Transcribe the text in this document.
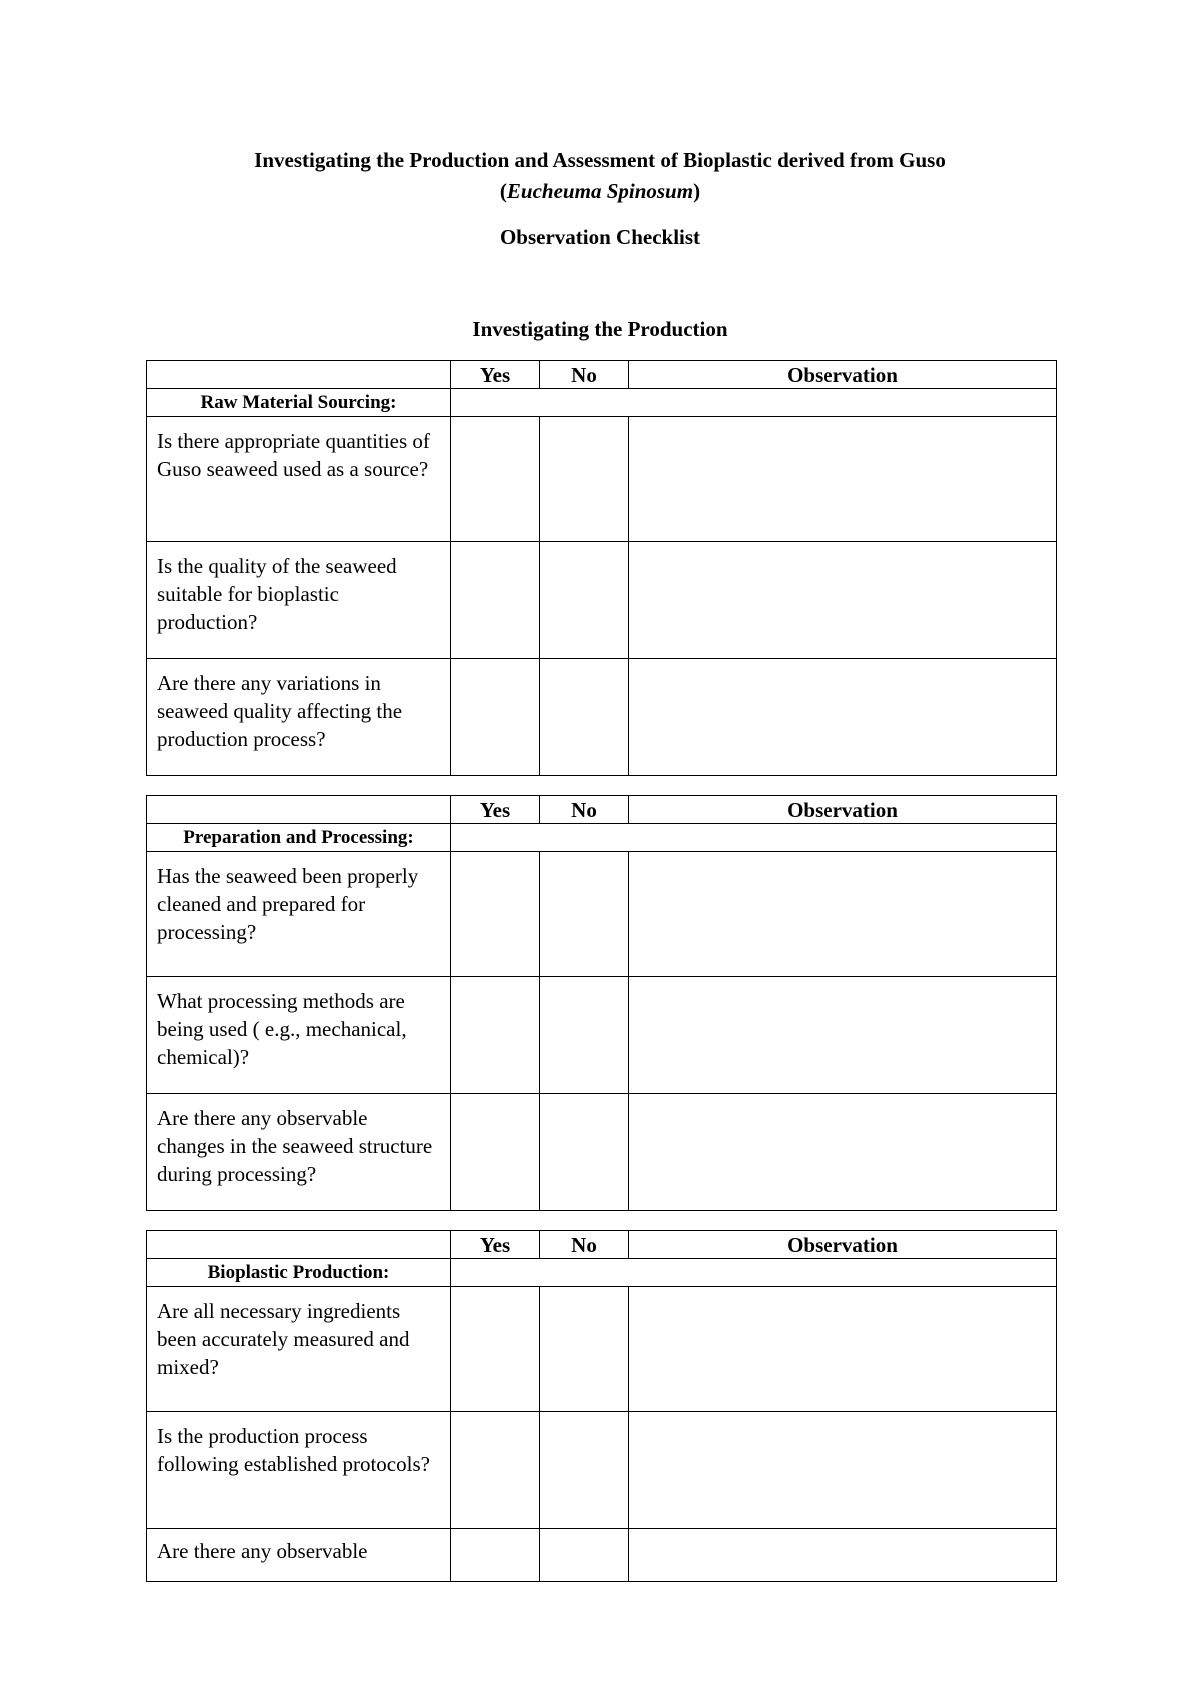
Investigating the Production and Assessment of Bioplastic derived from Guso
(Eucheuma Spinosum)
Observation Checklist
Investigating the Production
	Yes	No	Observation
Raw Material Sourcing:			
Is there appropriate quantities of Guso seaweed used as a source?			
Is the quality of the seaweed suitable for bioplastic production?			
Are there any variations in seaweed quality affecting the production process?			
	Yes	No	Observation
Preparation and Processing:			
Has the seaweed been properly cleaned and prepared for processing?			
What processing methods are being used ( e.g., mechanical, chemical)?			
Are there any observable changes in the seaweed structure during processing?			
	Yes	No	Observation
Bioplastic Production:			
Are all necessary ingredients been accurately measured and mixed?			
Is the production process following established protocols?			
Are there any observable			
